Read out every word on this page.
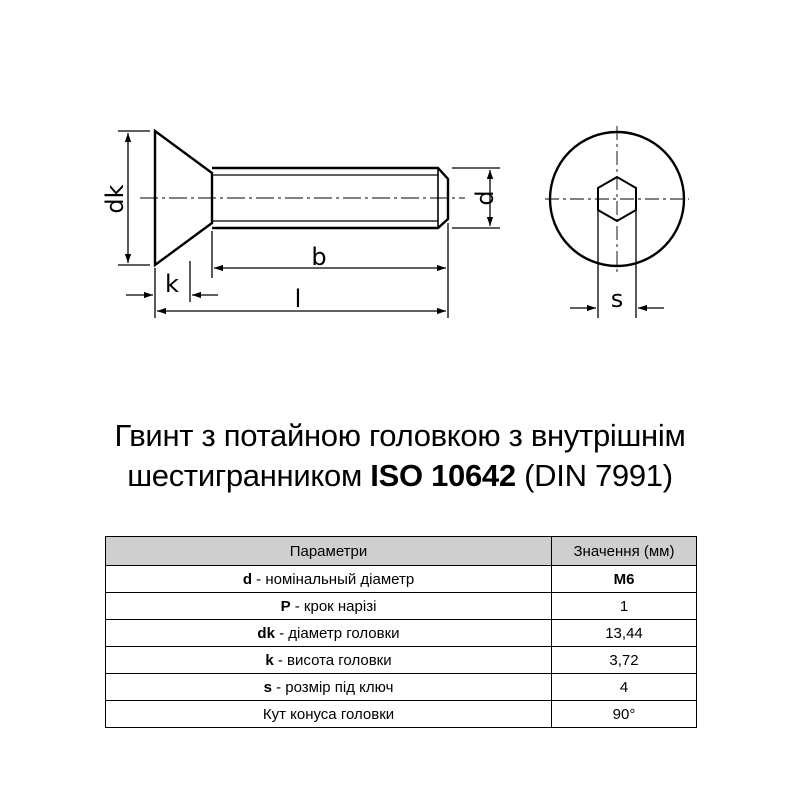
dk	d
b
k
l	s
Гвинт з потайною головкою з внутрішнім
шестигранником ISO 10642 (DIN 7991)
Параметри	Значення (мм)
d - номінальный діаметр	M6
P - крок нарізі	1
dk - діаметр головки	13,44
k - висота головки	3,72
s - розмір під ключ	4
Кут конуса головки	90°
